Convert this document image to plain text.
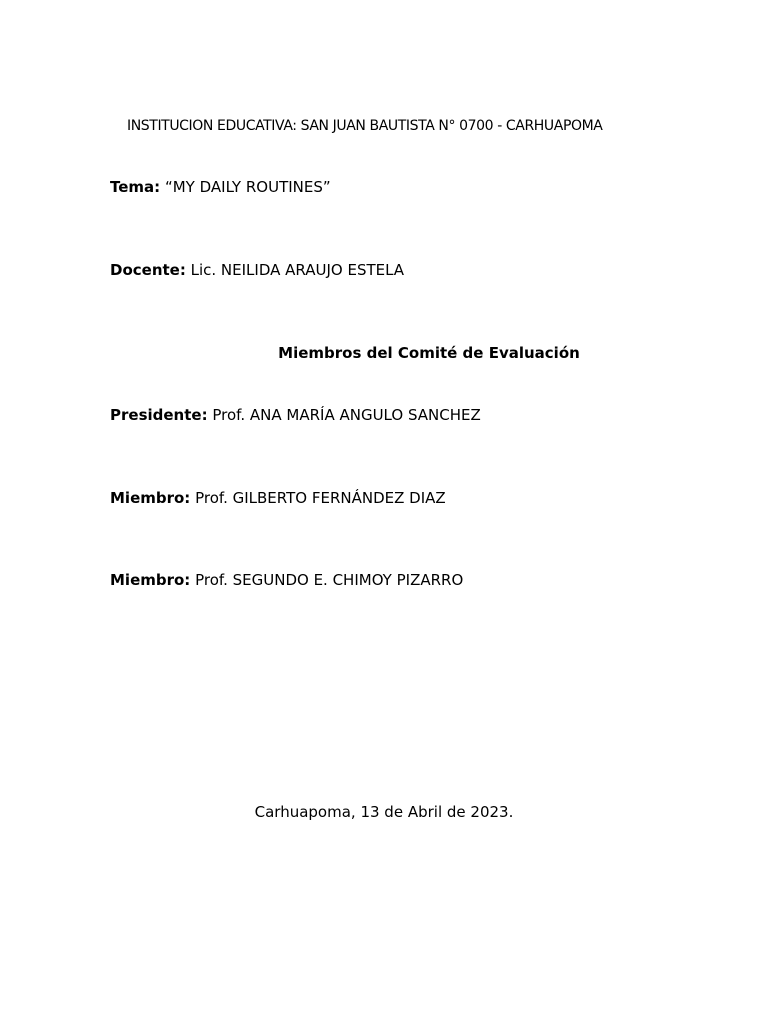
INSTITUCION EDUCATIVA: SAN JUAN BAUTISTA N° 0700 - CARHUAPOMA
Tema: “MY DAILY ROUTINES”
Docente: Lic. NEILIDA ARAUJO ESTELA
Miembros del Comité de Evaluación
Presidente: Prof. ANA MARÍA ANGULO SANCHEZ
Miembro: Prof. GILBERTO FERNÁNDEZ DIAZ
Miembro: Prof. SEGUNDO E. CHIMOY PIZARRO
Carhuapoma, 13 de Abril de 2023.
